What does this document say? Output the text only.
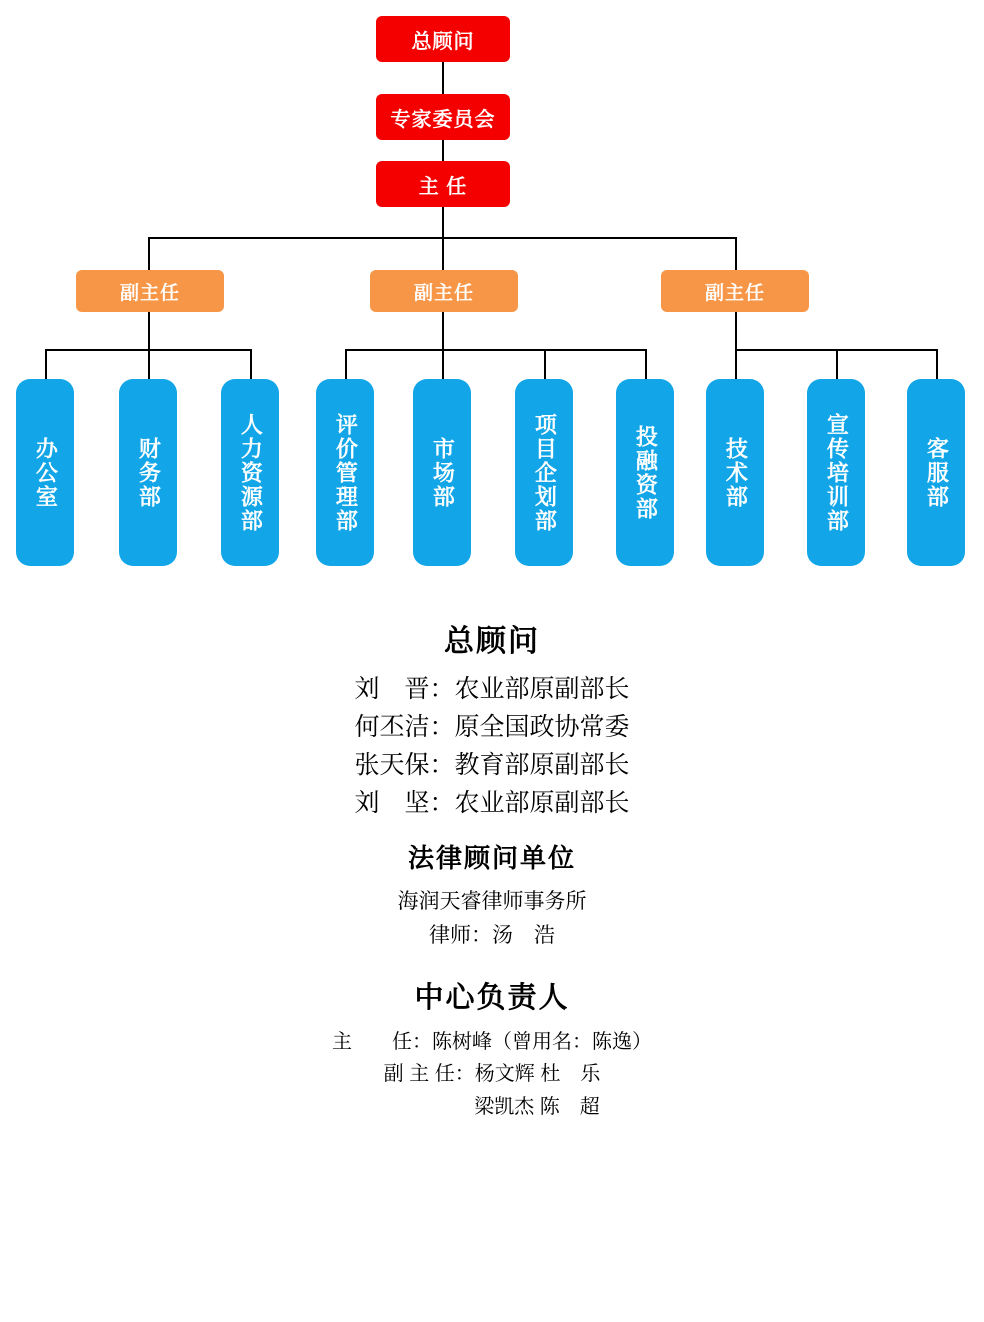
总顾问
专家委员会
主 任
副主任	副主任	副主任
办公室	财务部	人力资源部	评价管理部	市场部	项目企划部	投融资部	技术部	宣传培训部	客服部
总顾问
刘　晋：农业部原副部长
何丕洁：原全国政协常委
张天保：教育部原副部长
刘　坚：农业部原副部长
法律顾问单位
海润天睿律师事务所
律师：汤　浩
中心负责人
主　　任：陈树峰（曾用名：陈逸）
副 主 任：杨文辉 杜　乐
梁凯杰 陈　超
